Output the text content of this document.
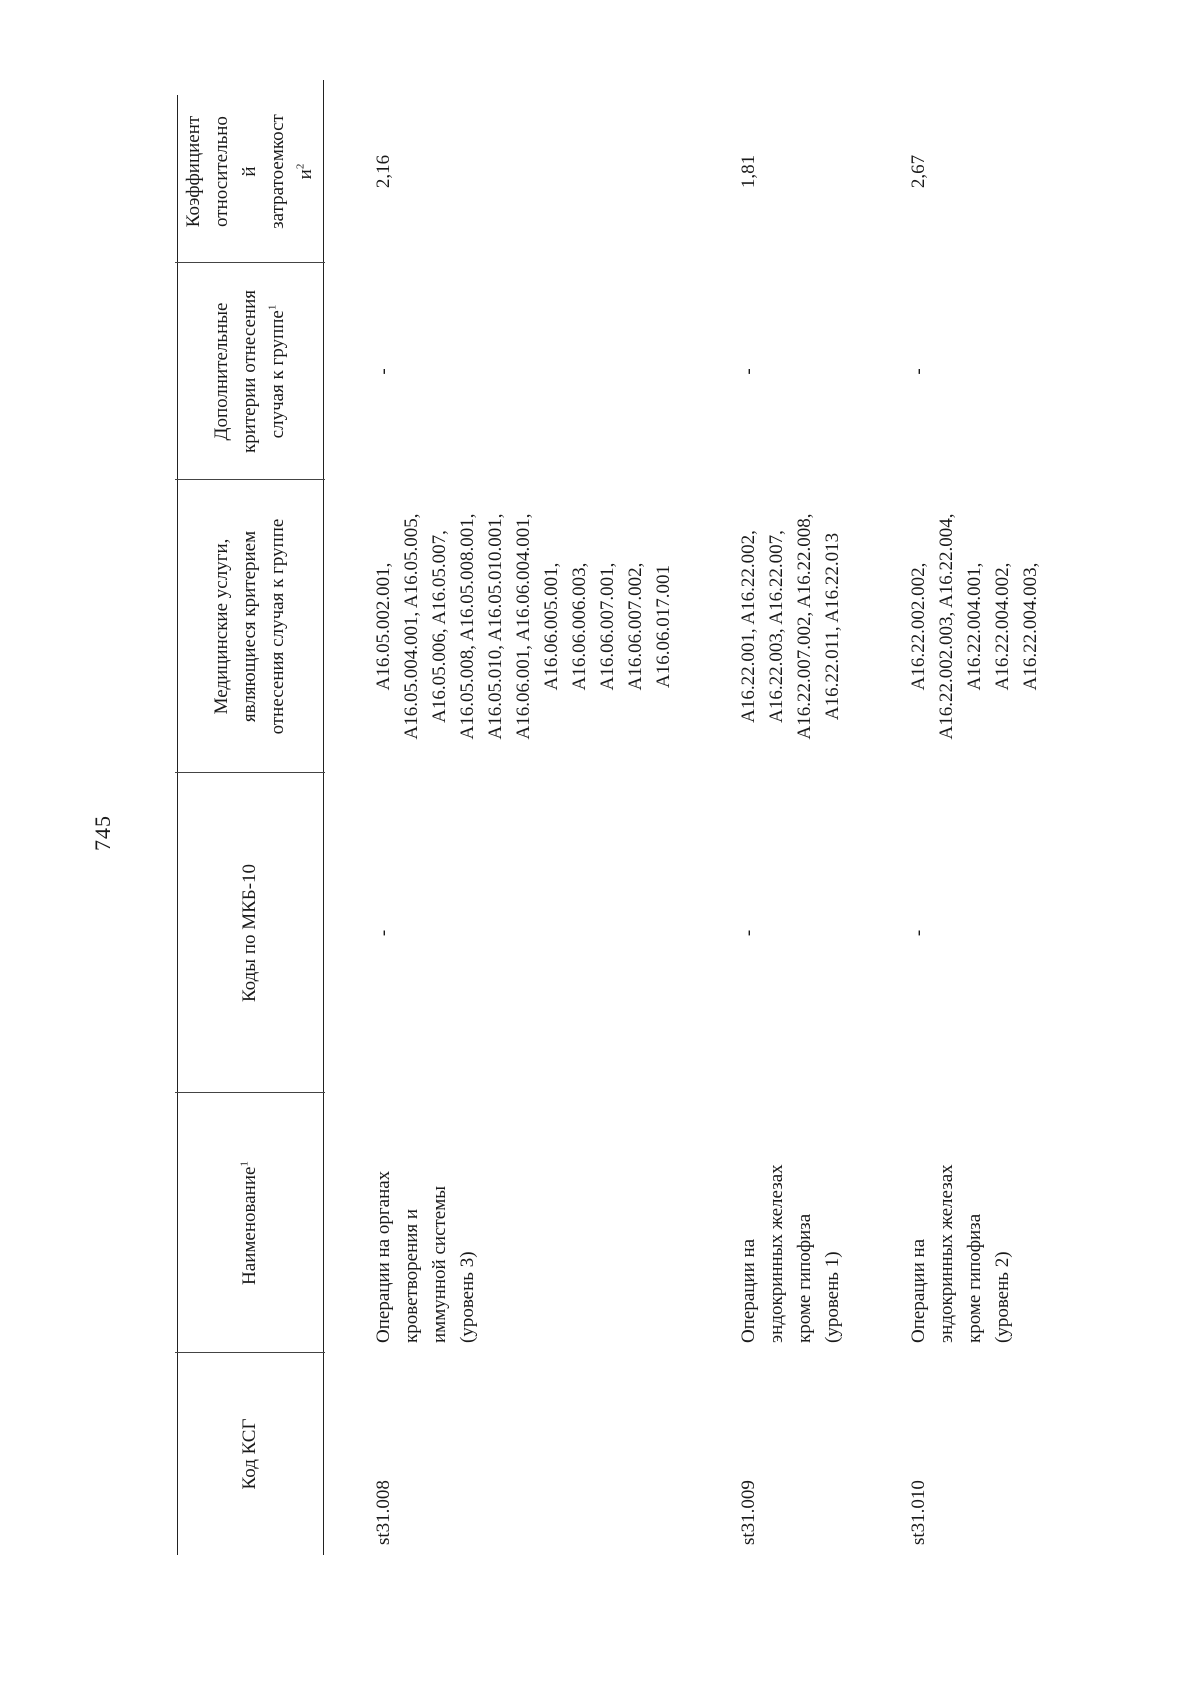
745
Код КСГ
Наименование$^1$
Коды по МКБ-10
Медицинские услуги, являющиеся критерием отнесения случая к группе
Дополнительные критерии отнесения случая к группе$^1$
Коэффициент относительно й затратоемкост $и^2$
st31.008
Операции на органах кроветворения и иммунной системы (уровень 3)
-
A16.05.002.001, A16.05.004.001, A16.05.005, A16.05.006, A16.05.007, A16.05.008, A16.05.008.001, A16.05.010, A16.05.010.001, A16.06.001, A16.06.004.001, A16.06.005.001, A16.06.006.003, A16.06.007.001, A16.06.007.002, A16.06.017.001
-
2,16
st31.009
Операции на эндокринных железах кроме гипофиза (уровень 1)
-
A16.22.001, A16.22.002, A16.22.003, A16.22.007, A16.22.007.002, A16.22.008, A16.22.011, A16.22.013
-
1,81
st31.010
Операции на эндокринных железах кроме гипофиза (уровень 2)
-
A16.22.002.002, A16.22.002.003, A16.22.004, A16.22.004.001, A16.22.004.002, A16.22.004.003,
-
2,67
